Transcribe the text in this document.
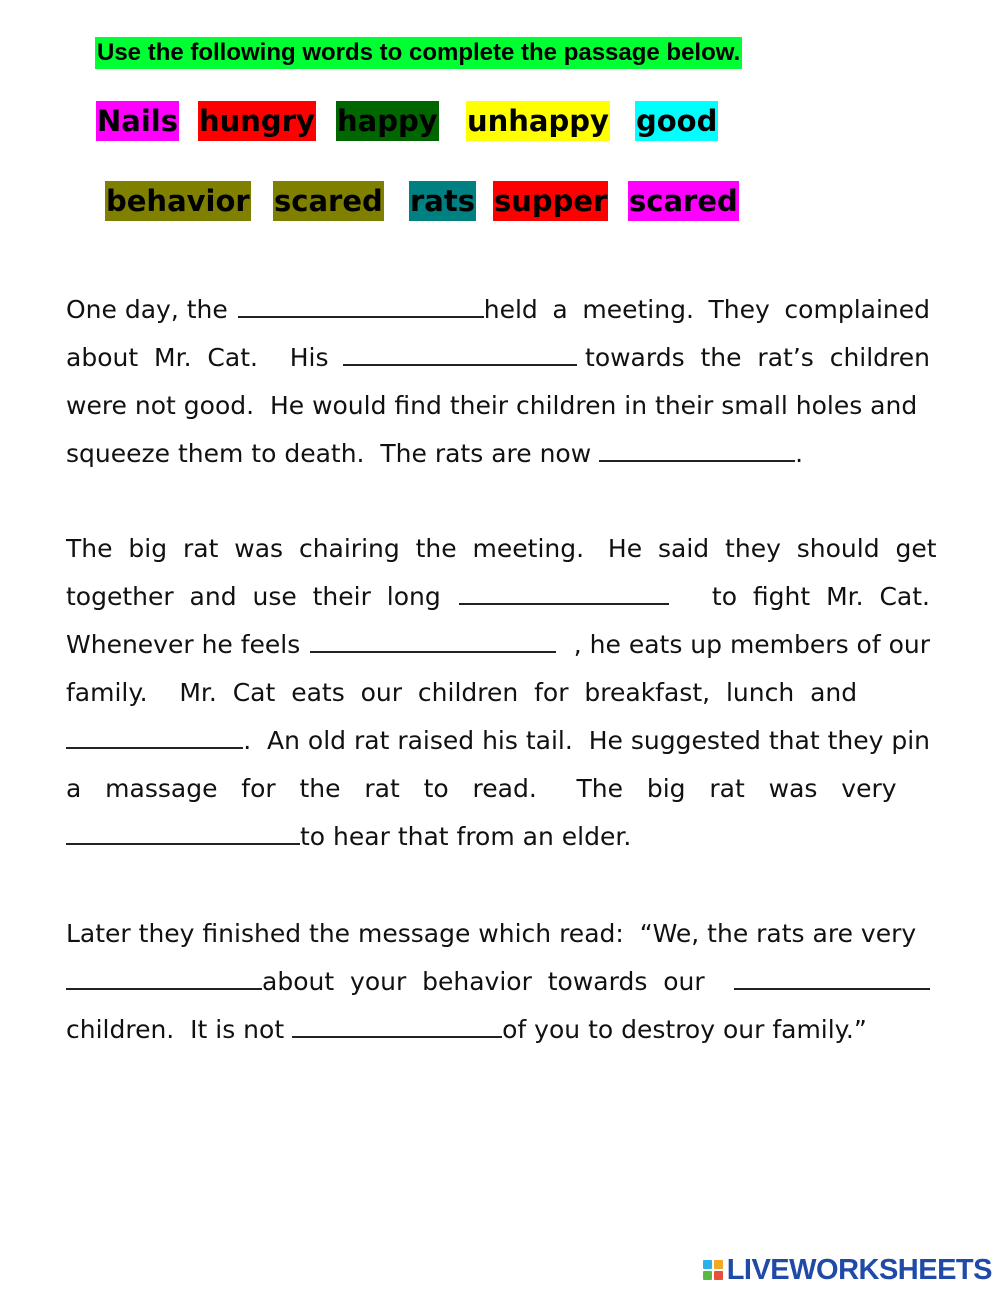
Use the following words to complete the passage below.
Nails hungry happy unhappy good
behavior scared rats supper scared
One day, the	held a meeting. They complained
about  Mr.  Cat.    His	towards  the  rat’s  children
were not good.  He would find their children in their small holes and
squeeze them to death.  The rats are now	.
The  big  rat  was  chairing  the  meeting.   He  said  they  should  get
together  and  use  their  long	to  fight  Mr.  Cat.
Whenever he feels	, he eats up members of our
family.    Mr.  Cat  eats  our  children  for  breakfast,  lunch  and
.  An old rat raised his tail.  He suggested that they pin
a   massage   for   the   rat   to   read.     The   big   rat   was   very
to hear that from an elder.
Later they finished the message which read:  “We, the rats are very
about  your  behavior  towards  our
children.  It is not	of you to destroy our family.”
LIVEWORKSHEETS
